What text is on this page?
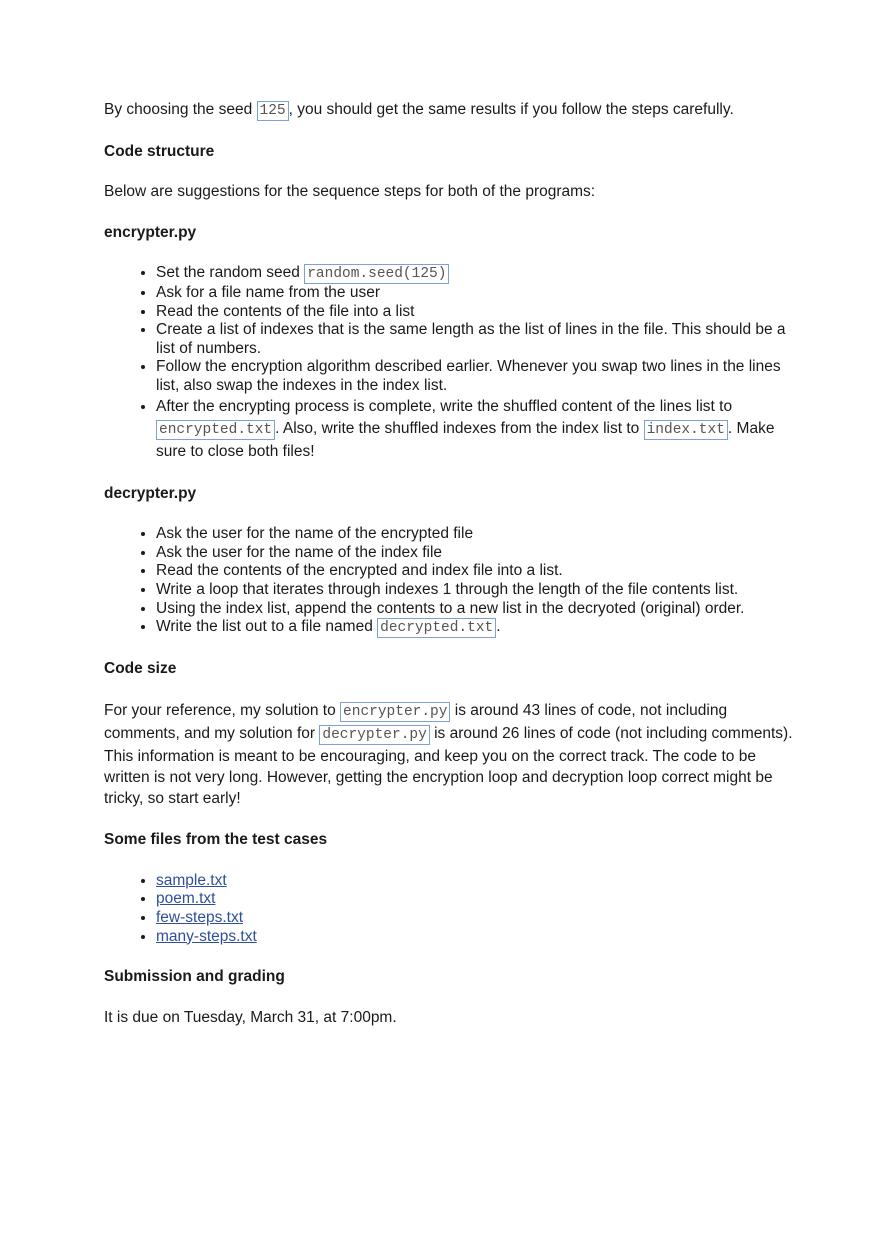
By choosing the seed 125 , you should get the same results if you follow the steps carefully.

Code structure

Below are suggestions for the sequence steps for both of the programs:

encrypter.py
• Set the random seed random.seed(125)
• Ask for a file name from the user
• Read the contents of the file into a list
• Create a list of indexes that is the same length as the list of lines in the file. This should be a list of numbers.
• Follow the encryption algorithm described earlier. Whenever you swap two lines in the lines list, also swap the indexes in the index list.
• After the encrypting process is complete, write the shuffled content of the lines list to encrypted.txt . Also, write the shuffled indexes from the index list to index.txt . Make sure to close both files!
decrypter.py
• Ask the user for the name of the encrypted file
• Ask the user for the name of the index file
• Read the contents of the encrypted and index file into a list.
• Write a loop that iterates through indexes 1 through the length of the file contents list.
• Using the index list, append the contents to a new list in the decryoted (original) order.
• Write the list out to a file named decrypted.txt .
Code size

For your reference, my solution to encrypter.py is around 43 lines of code, not including comments, and my solution for decrypter.py is around 26 lines of code (not including comments). This information is meant to be encouraging, and keep you on the correct track. The code to be written is not very long. However, getting the encryption loop and decryption loop correct might be tricky, so start early!

Some files from the test cases
• sample.txt
• poem.txt
• few-steps.txt
• many-steps.txt
Submission and grading

It is due on Tuesday, March 31, at 7:00pm.
